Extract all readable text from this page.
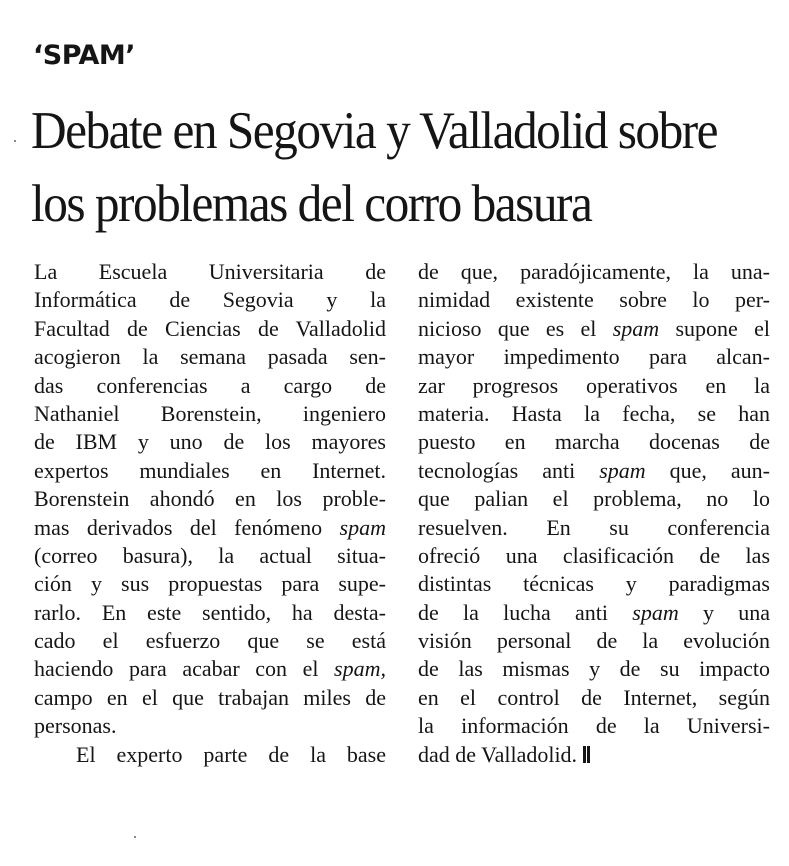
‘SPAM’
Debate en Segovia y Valladolid sobre
los problemas del corro basura
La Escuela Universitaria de
Informática de Segovia y la
Facultad de Ciencias de Valladolid
acogieron la semana pasada sen-
das conferencias a cargo de
Nathaniel Borenstein, ingeniero
de IBM y uno de los mayores
expertos mundiales en Internet.
Borenstein ahondó en los proble-
mas derivados del fenómeno spam
(correo basura), la actual situa-
ción y sus propuestas para supe-
rarlo. En este sentido, ha desta-
cado el esfuerzo que se está
haciendo para acabar con el spam,
campo en el que trabajan miles de
personas.
El experto parte de la base
de que, paradójicamente, la una-
nimidad existente sobre lo per-
nicioso que es el spam supone el
mayor impedimento para alcan-
zar progresos operativos en la
materia. Hasta la fecha, se han
puesto en marcha docenas de
tecnologías anti spam que, aun-
que palian el problema, no lo
resuelven. En su conferencia
ofreció una clasificación de las
distintas técnicas y paradigmas
de la lucha anti spam y una
visión personal de la evolución
de las mismas y de su impacto
en el control de Internet, según
la información de la Universi-
dad de Valladolid.
